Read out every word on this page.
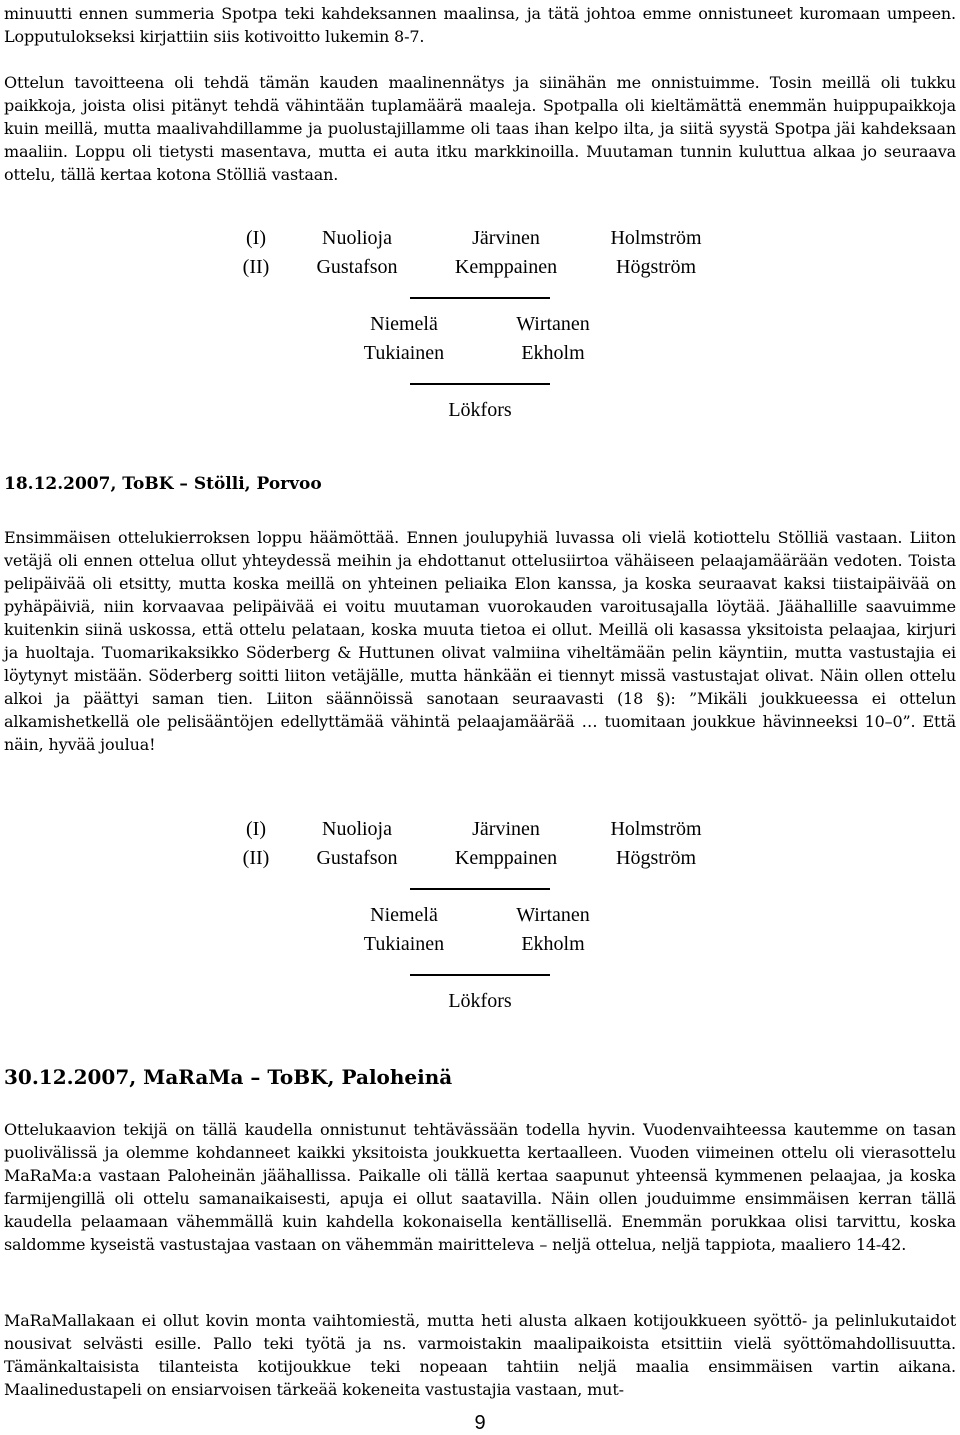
minuutti ennen summeria Spotpa teki kahdeksannen maalinsa, ja tätä johtoa emme onnistuneet kuromaan umpeen. Lopputulokseksi kirjattiin siis kotivoitto lukemin 8-7.

Ottelun tavoitteena oli tehdä tämän kauden maalinennätys ja siinähän me onnistuimme. Tosin meillä oli tukku paikkoja, joista olisi pitänyt tehdä vähintään tuplamäärä maaleja. Spotpalla oli kieltämättä enemmän huippupaikkoja kuin meillä, mutta maalivahdillamme ja puolustajillamme oli taas ihan kelpo ilta, ja siitä syystä Spotpa jäi kahdeksaan maaliin. Loppu oli tietysti masentava, mutta ei auta itku markkinoilla. Muutaman tunnin kuluttua alkaa jo seuraava ottelu, tällä kertaa kotona Stölliä vastaan.

(I)	Nuolioja	Järvinen	Holmström
(II) Gustafson	Kemppainen	Högström
Niemelä	Wirtanen
Tukiainen	Ekholm
Lökfors
18.12.2007, ToBK – Stölli, Porvoo

Ensimmäisen ottelukierroksen loppu häämöttää. Ennen joulupyhiä luvassa oli vielä kotiottelu Stölliä vastaan. Liiton vetäjä oli ennen ottelua ollut yhteydessä meihin ja ehdottanut ottelusiirtoa vähäiseen pelaajamäärään vedoten. Toista pelipäivää oli etsitty, mutta koska meillä on yhteinen peliaika Elon kanssa, ja koska seuraavat kaksi tiistaipäivää on pyhäpäiviä, niin korvaavaa pelipäivää ei voitu muutaman vuorokauden varoitusajalla löytää. Jäähallille saavuimme kuitenkin siinä uskossa, että ottelu pelataan, koska muuta tietoa ei ollut. Meillä oli kasassa yksitoista pelaajaa, kirjuri ja huoltaja. Tuomarikaksikko Söderberg & Huttunen olivat valmiina viheltämään pelin käyntiin, mutta vastustajia ei löytynyt mistään. Söderberg soitti liiton vetäjälle, mutta hänkään ei tiennyt missä vastustajat olivat. Näin ollen ottelu alkoi ja päättyi saman tien. Liiton säännöissä sanotaan seuraavasti (18 §): ”Mikäli joukkueessa ei ottelun alkamishetkellä ole pelisääntöjen edellyttämää vähintä pelaajamäärää … tuomitaan joukkue hävinneeksi 10–0”. Että näin, hyvää joulua!

(I)	Nuolioja	Järvinen	Holmström
(II) Gustafson	Kemppainen	Högström
Niemelä	Wirtanen
Tukiainen	Ekholm
Lökfors
30.12.2007, MaRaMa – ToBK, Paloheinä

Ottelukaavion tekijä on tällä kaudella onnistunut tehtävässään todella hyvin. Vuodenvaihteessa kautemme on tasan puolivälissä ja olemme kohdanneet kaikki yksitoista joukkuetta kertaalleen. Vuoden viimeinen ottelu oli vierasottelu MaRaMa:a vastaan Paloheinän jäähallissa. Paikalle oli tällä kertaa saapunut yhteensä kymmenen pelaajaa, ja koska farmijengillä oli ottelu samanaikaisesti, apuja ei ollut saatavilla. Näin ollen jouduimme ensimmäisen kerran tällä kaudella pelaamaan vähemmällä kuin kahdella kokonaisella kentällisellä. Enemmän porukkaa olisi tarvittu, koska saldomme kyseistä vastustajaa vastaan on vähemmän mairitteleva – neljä ottelua, neljä tappiota, maaliero 14-42.

MaRaMallakaan ei ollut kovin monta vaihtomiestä, mutta heti alusta alkaen kotijoukkueen syöttö- ja pelinlukutaidot nousivat selvästi esille. Pallo teki työtä ja ns. varmoistakin maalipaikoista etsittiin vielä syöttömahdollisuutta. Tämänkaltaisista tilanteista kotijoukkue teki nopeaan tahtiin neljä maalia ensimmäisen vartin aikana. Maalinedustapeli on ensiarvoisen tärkeää kokeneita vastustajia vastaan, mut-

9
